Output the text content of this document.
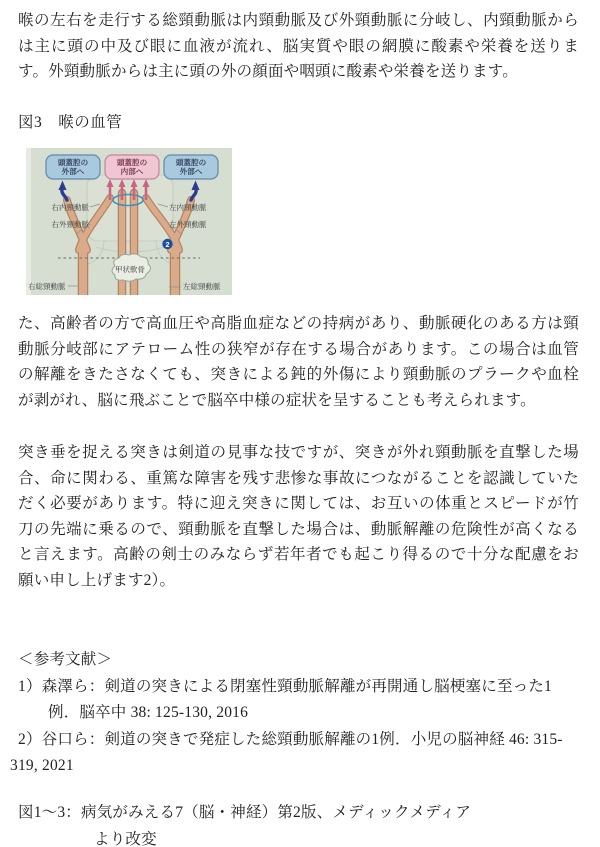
喉の左右を走行する総頸動脈は内頸動脈及び外頸動脈に分岐し、内頸動脈からは主に頭の中及び眼に血液が流れ、脳実質や眼の網膜に酸素や栄養を送ります。外頸動脈からは主に頭の外の顔面や咽頭に酸素や栄養を送ります。
図3　喉の血管
甲状軟骨
頭蓋腔の
外部へ
頭蓋腔の
内部へ
頭蓋腔の
外部へ
右内頸動脈
右外頸動脈
左内頸動脈
左外頸動脈
右総頸動脈	左総頸動脈
2
た、高齢者の方で高血圧や高脂血症などの持病があり、動脈硬化のある方は頸動脈分岐部にアテローム性の狭窄が存在する場合があります。この場合は血管の解離をきたさなくても、突きによる鈍的外傷により頸動脈のプラークや血栓が剥がれ、脳に飛ぶことで脳卒中様の症状を呈することも考えられます。
突き垂を捉える突きは剣道の見事な技ですが、突きが外れ頸動脈を直撃した場合、命に関わる、重篤な障害を残す悲惨な事故につながることを認識していただく必要があります。特に迎え突きに関しては、お互いの体重とスピードが竹刀の先端に乗るので、頸動脈を直撃した場合は、動脈解離の危険性が高くなると言えます。高齢の剣士のみならず若年者でも起こり得るので十分な配慮をお願い申し上げます2）。
＜参考文献＞
1）森澤ら：剣道の突きによる閉塞性頸動脈解離が再開通し脳梗塞に至った1
例．脳卒中 38: 125-130, 2016
2）谷口ら：剣道の突きで発症した総頸動脈解離の1例．小児の脳神経 46: 315-
319, 2021
図1～3：病気がみえる7（脳・神経）第2版、メディックメディア
より改変
